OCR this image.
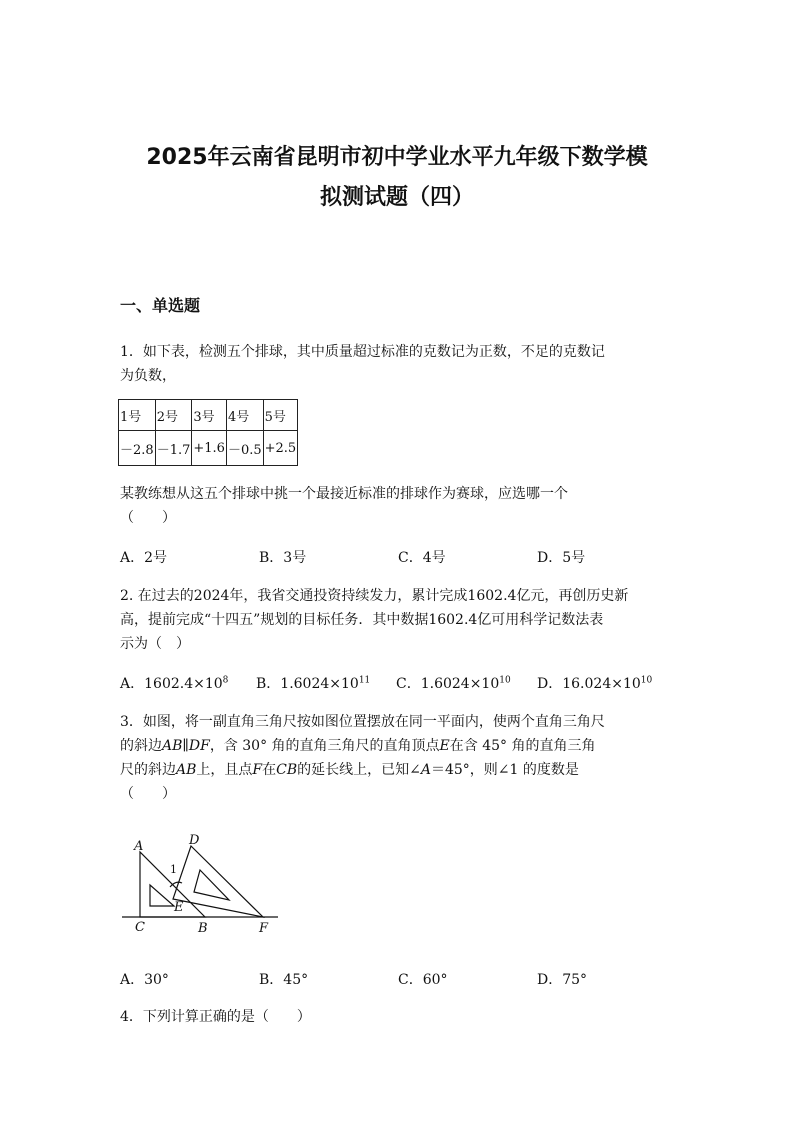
2025年云南省昆明市初中学业水平九年级下数学模
拟测试题（四）
一、单选题
1．如下表，检测五个排球，其中质量超过标准的克数记为正数，不足的克数记
为负数，
1号	2号	3号	4号	5号
－2.8	－1.7	+1.6	－0.5	+2.5
某教练想从这五个排球中挑一个最接近标准的排球作为赛球，应选哪一个
（　　）
A．2号	B．3号	C．4号	D．5号
2. 在过去的2024年，我省交通投资持续发力，累计完成1602.4亿元，再创历史新
高，提前完成“十四五”规划的目标任务．其中数据1602.4亿可用科学记数法表
示为（　）
A．$1602.4\times 10^8$ B．$1.6024\times 10^{11}$ C．$1.6024\times 10^{10}$ D．$16.024\times 10^{10}$
3．如图，将一副直角三角尺按如图位置摆放在同一平面内，使两个直角三角尺
的斜边AB∥DF，含 30° 角的直角三角尺的直角顶点E在含 45° 角的直角三角
尺的斜边AB上，且点F在CB的延长线上，已知∠A＝45°，则∠1 的度数是
（　　）
A	D
C	B	F
E
1
A．30°	B．45°	C．60°	D．75°
4．下列计算正确的是（　　）
